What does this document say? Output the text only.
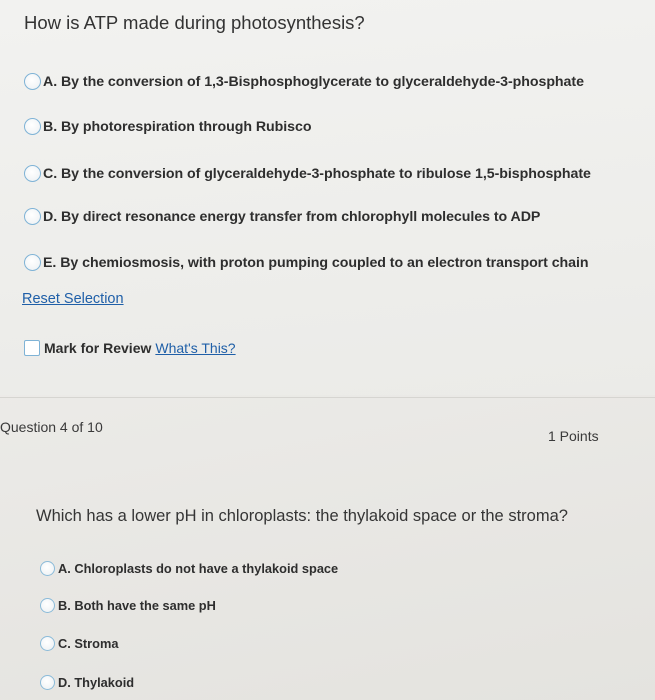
How is ATP made during photosynthesis?
A. By the conversion of 1,3-Bisphosphoglycerate to glyceraldehyde-3-phosphate
B. By photorespiration through Rubisco
C. By the conversion of glyceraldehyde-3-phosphate to ribulose 1,5-bisphosphate
D. By direct resonance energy transfer from chlorophyll molecules to ADP
E. By chemiosmosis, with proton pumping coupled to an electron transport chain
Reset Selection
Mark for Review What's This?
Question 4 of 10
1 Points
Which has a lower pH in chloroplasts: the thylakoid space or the stroma?
A. Chloroplasts do not have a thylakoid space
B. Both have the same pH
C. Stroma
D. Thylakoid
